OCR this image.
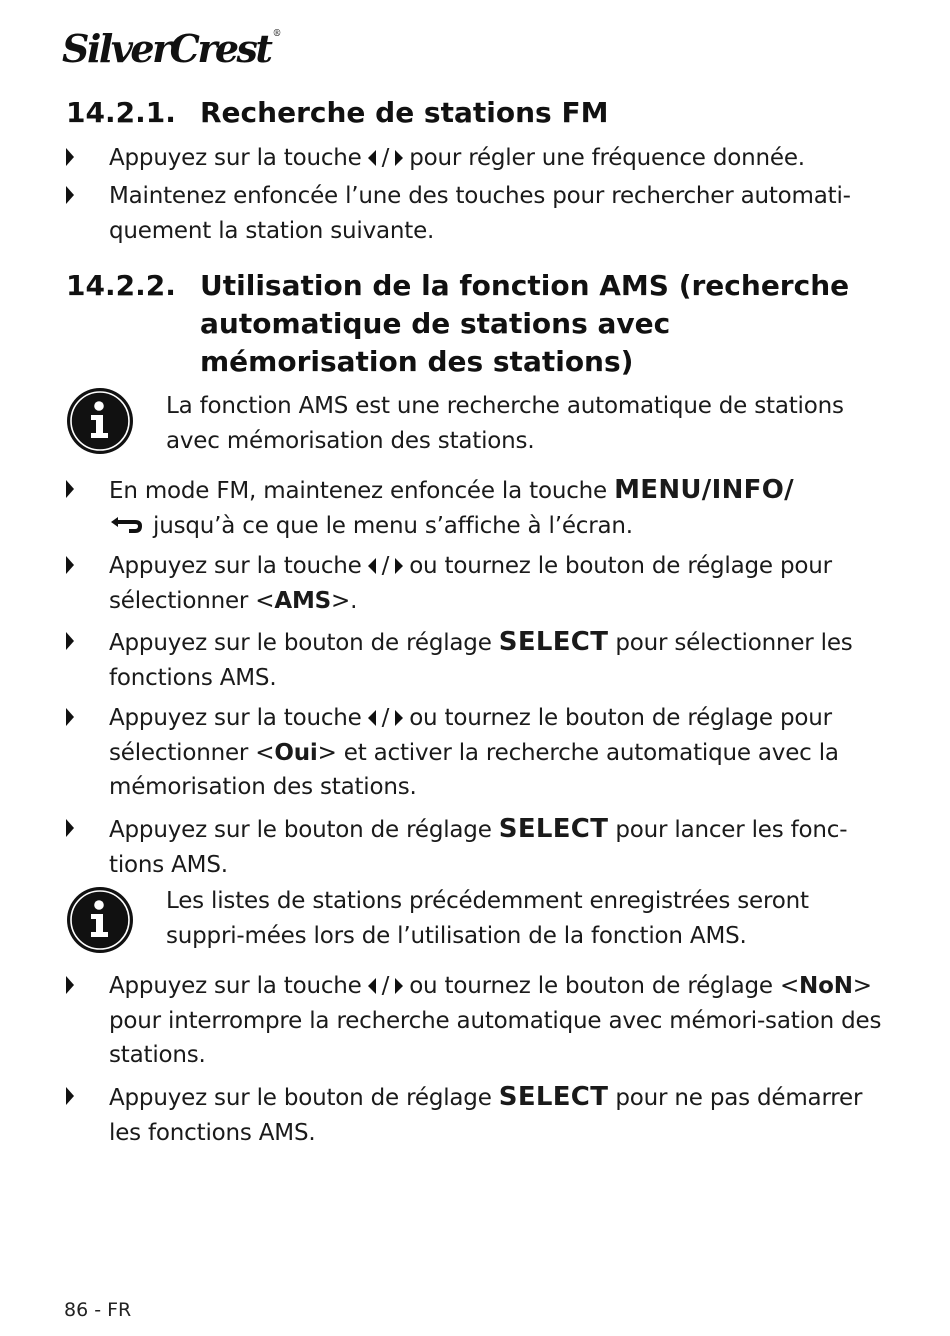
SilverCrest ®
14.2.1. Recherche de stations FM
Appuyez sur la touche / pour régler une fréquence donnée.
Maintenez enfoncée l’une des touches pour rechercher automati-quement la station suivante.
14.2.2. Utilisation de la fonction AMS (recherche automatique de stations avec mémorisation des stations)
La fonction AMS est une recherche automatique de stations avec mémorisation des stations.
En mode FM, maintenez enfoncée la touche MENU/INFO/
jusqu’à ce que le menu s’affiche à l’écran.
Appuyez sur la touche / ou tournez le bouton de réglage pour sélectionner <AMS>.
Appuyez sur le bouton de réglage SELECT pour sélectionner les fonctions AMS.
Appuyez sur la touche / ou tournez le bouton de réglage pour sélectionner <Oui> et activer la recherche automatique avec la mémorisation des stations.
Appuyez sur le bouton de réglage SELECT pour lancer les fonc-tions AMS.
Les listes de stations précédemment enregistrées seront suppri-mées lors de l’utilisation de la fonction AMS.
Appuyez sur la touche / ou tournez le bouton de réglage <NoN> pour interrompre la recherche automatique avec mémori-sation des stations.
Appuyez sur le bouton de réglage SELECT pour ne pas démarrer les fonctions AMS.
86 - FR
